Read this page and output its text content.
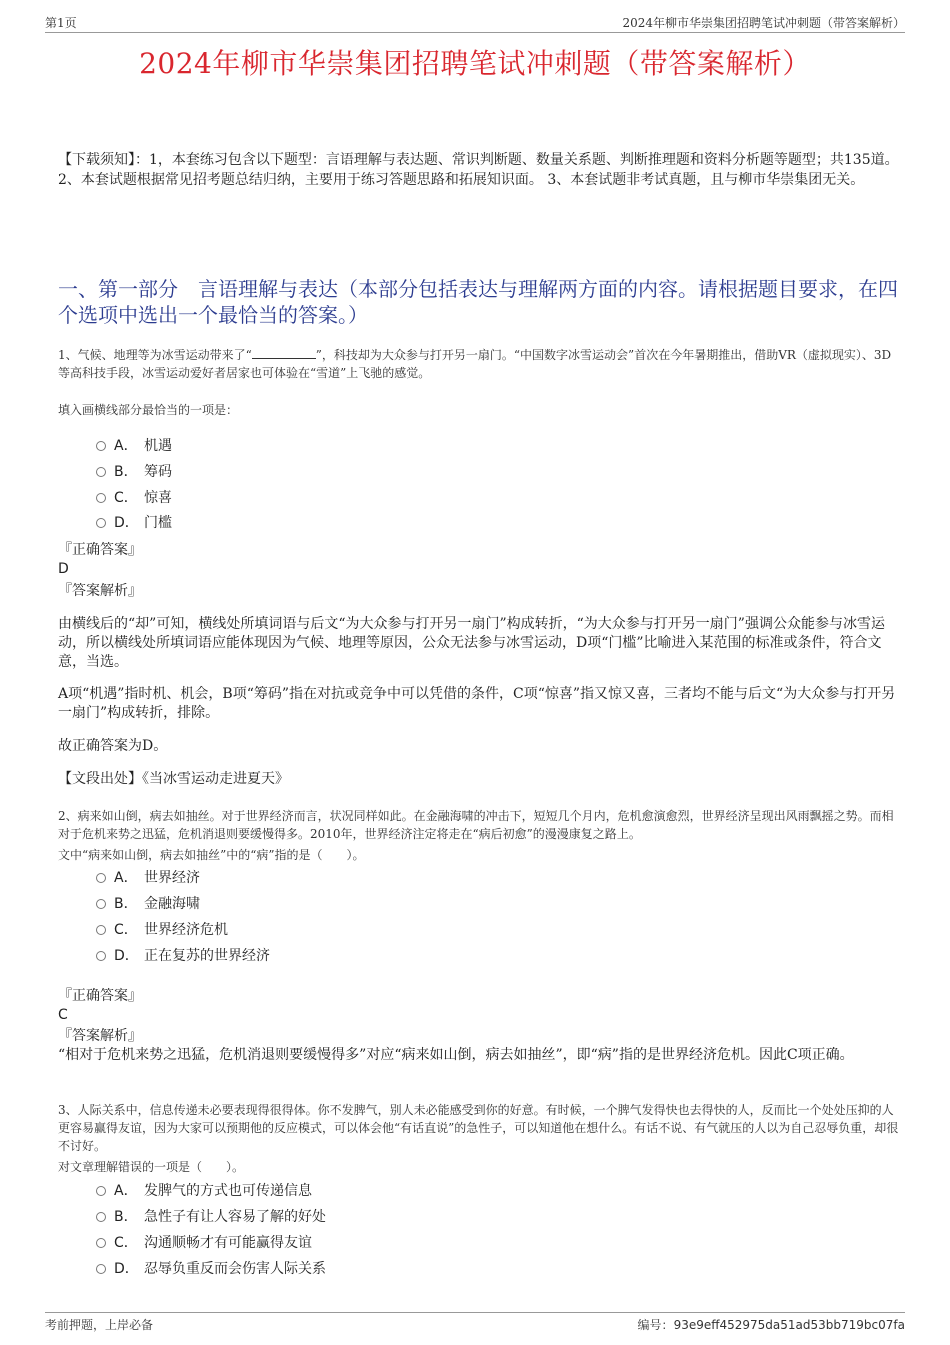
第1页	2024年柳市华崇集团招聘笔试冲刺题（带答案解析）
2024年柳市华崇集团招聘笔试冲刺题（带答案解析）
【下载须知】：1，本套练习包含以下题型：言语理解与表达题、常识判断题、数量关系题、判断推理题和资料分析题等题型；共135道。 2、本套试题根据常见招考题总结归纳，主要用于练习答题思路和拓展知识面。 3、本套试题非考试真题，且与柳市华崇集团无关。
一、第一部分　言语理解与表达（本部分包括表达与理解两方面的内容。请根据题目要求，在四个选项中选出一个最恰当的答案。）
1、气候、地理等为冰雪运动带来了“	”，科技却为大众参与打开另一扇门。“中国数字冰雪运动会”首次在今年暑期推出，借助VR（虚拟现实）、3D等高科技手段，冰雪运动爱好者居家也可体验在“雪道”上飞驰的感觉。
填入画横线部分最恰当的一项是：
A． 机遇
B． 筹码
C． 惊喜
D． 门槛
『正确答案』
D
『答案解析』
由横线后的“却”可知，横线处所填词语与后文“为大众参与打开另一扇门”构成转折，“为大众参与打开另一扇门”强调公众能参与冰雪运动，所以横线处所填词语应能体现因为气候、地理等原因，公众无法参与冰雪运动，D项“门槛”比喻进入某范围的标准或条件，符合文意，当选。
A项“机遇”指时机、机会，B项“筹码”指在对抗或竞争中可以凭借的条件，C项“惊喜”指又惊又喜，三者均不能与后文“为大众参与打开另一扇门”构成转折，排除。
故正确答案为D。
【文段出处】《当冰雪运动走进夏天》
2、病来如山倒，病去如抽丝。对于世界经济而言，状况同样如此。在金融海啸的冲击下，短短几个月内，危机愈演愈烈，世界经济呈现出风雨飘摇之势。而相对于危机来势之迅猛，危机消退则要缓慢得多。2010年，世界经济注定将走在“病后初愈”的漫漫康复之路上。
文中“病来如山倒，病去如抽丝”中的“病”指的是（　　）。
A． 世界经济
B． 金融海啸
C． 世界经济危机
D． 正在复苏的世界经济
『正确答案』
C
『答案解析』
“相对于危机来势之迅猛，危机消退则要缓慢得多”对应“病来如山倒，病去如抽丝”，即“病”指的是世界经济危机。因此C项正确。
3、人际关系中，信息传递未必要表现得很得体。你不发脾气，别人未必能感受到你的好意。有时候，一个脾气发得快也去得快的人，反而比一个处处压抑的人更容易赢得友谊，因为大家可以预期他的反应模式，可以体会他“有话直说”的急性子，可以知道他在想什么。有话不说、有气就压的人以为自己忍辱负重，却很不讨好。
对文章理解错误的一项是（　　）。
A． 发脾气的方式也可传递信息
B． 急性子有让人容易了解的好处
C． 沟通顺畅才有可能赢得友谊
D． 忍辱负重反而会伤害人际关系
考前押题，上岸必备	编号：93e9eff452975da51ad53bb719bc07fa
